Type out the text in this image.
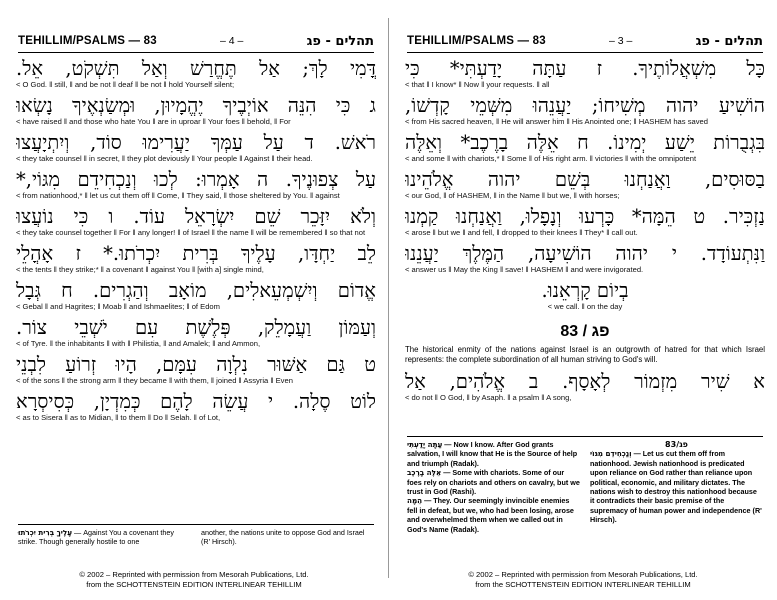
TEHILLIM/PSALMS — 83	– 4 –	תהלים - פג
דֳּמִי לָךְ; אַל תֶּחֱרַשׁ וְאַל תִּשְׁקֹט, אֵל.
< O God. ‖ still, ‖ and be not ‖ deaf ‖ be not ‖ hold Yourself silent;
ג כִּי הִנֵּה אוֹיְבֶיךָ יֶהֱמָיוּן, וּמְשַׂנְאֶיךָ נָשְׂאוּ
< have raised ‖ and those who hate You ‖ are in uproar ‖ Your foes ‖ behold, ‖ For
רֹאשׁ. ד עַל עַמְּךָ יַעֲרִימוּ סוֹד, וְיִתְיָעֲצוּ
< they take counsel ‖ in secret, ‖ they plot deviously ‖ Your people ‖ Against ‖ their head.
עַל צְפוּנֶיךָ. ה אָמְרוּ: לְכוּ וְנַכְחִידֵם מִגּוֹי,*
< from nationhood,* ‖ let us cut them off ‖ Come, ‖ They said, ‖ those sheltered by You. ‖ against
וְלֹא יִזָּכֵר שֵׁם יִשְׂרָאֵל עוֹד. ו כִּי נוֹעֲצוּ
< they take counsel together ‖ For ‖ any longer! ‖ of Israel ‖ the name ‖ will be remembered ‖ so that not
לֵב יַחְדָּו, עָלֶיךָ בְּרִית יִכְרֹתוּ.* ז אָהֳלֵי
< the tents ‖ they strike;* ‖ a covenant ‖ against You ‖ [with a] single mind,
אֱדוֹם וְיִשְׁמְעֵאלִים, מוֹאָב וְהַגְרִים. ח גְּבָל
< Gebal ‖ and Hagrites; ‖ Moab ‖ and Ishmaelites; ‖ of Edom
וְעַמּוֹן וַעֲמָלֵק, פְּלֶשֶׁת עִם יֹשְׁבֵי צוֹר.
< of Tyre. ‖ the inhabitants ‖ with ‖ Philistia, ‖ and Amalek; ‖ and Ammon,
ט גַּם אַשּׁוּר נִלְוָה עִמָּם, הָיוּ זְרוֹעַ לִבְנֵי
< of the sons ‖ the strong arm ‖ they became ‖ with them, ‖ joined ‖ Assyria ‖ Even
לוֹט סֶלָה. י עֲשֵׂה לָהֶם כְּמִדְיָן, כְּסִיסְרָא
< as to Sisera ‖ as to Midian, ‖ to them ‖ Do ‖ Selah. ‖ of Lot,
עָלֶיךָ בְּרִית יִכְרֹתוּ — Against You a covenant they strike. Though generally hostile to one
another, the nations unite to oppose God and Israel (R' Hirsch).
© 2002 – Reprinted with permission from Mesorah Publications, Ltd.
from the SCHOTTENSTEIN EDITION INTERLINEAR TEHILLIM
TEHILLIM/PSALMS — 83	– 3 –	תהלים - פג
כָּל מִשְׁאֲלוֹתֶיךָ. ז עַתָּה יָדַעְתִּי* כִּי
< that ‖ I know* ‖ Now ‖ your requests. ‖ all
הוֹשִׁיעַ יהוה מְשִׁיחוֹ; יַעֲנֵהוּ מִשְּׁמֵי קָדְשׁוֹ,
< from His sacred heaven, ‖ He will answer him ‖ His Anointed one; ‖ HASHEM has saved
בִּגְבֻרוֹת יֵשַׁע יְמִינוֹ. ח אֵלֶּה בָרֶכֶב* וְאֵלֶּה
< and some ‖ with chariots,* ‖ Some ‖ of His right arm. ‖ victories ‖ with the omnipotent
בַסּוּסִים, וַאֲנַחְנוּ בְּשֵׁם יהוה אֱלֹהֵינוּ
< our God, ‖ of HASHEM, ‖ in the Name ‖ but we, ‖ with horses;
נַזְכִּיר. ט הֵמָּה* כָּרְעוּ וְנָפָלוּ, וַאֲנַחְנוּ קַמְנוּ
< arose ‖ but we ‖ and fell, ‖ dropped to their knees ‖ They* ‖ call out.
וַנִּתְעוֹדָד. י יהוה הוֹשִׁיעָה, הַמֶּלֶךְ יַעֲנֵנוּ
< answer us ‖ May the King ‖ save! ‖ HASHEM ‖ and were invigorated.
בְיוֹם קָרְאֵנוּ.
< we call. ‖ on the day
פג / 83
The historical enmity of the nations against Israel is an outgrowth of hatred for that which Israel represents: the complete subordination of all human striving to God's will.
א שִׁיר מִזְמוֹר לְאָסָף. ב אֱלֹהִים, אַל
< do not ‖ O God, ‖ by Asaph. ‖ a psalm ‖ A song,
עַתָּה יָדַעְתִּי — Now I know. After God grants salvation, I will know that He is the Source of help and triumph (Radak).
אֵלֶּה בָרֶכֶב — Some with chariots. Some of our foes rely on chariots and others on cavalry, but we trust in God (Rashi).
הֵמָּה — They. Our seemingly invincible enemies fell in defeat, but we, who had been losing, arose and overwhelmed them when we called out in God's Name (Radak).
פג/83
וְנַכְחִידֵם מִגּוֹי — Let us cut them off from nationhood. Jewish nationhood is predicated upon reliance on God rather than reliance upon political, economic, and military dictates. The nations wish to destroy this nationhood because it contradicts their basic premise of the supremacy of human power and independence (R' Hirsch).
© 2002 – Reprinted with permission from Mesorah Publications, Ltd.
from the SCHOTTENSTEIN EDITION INTERLINEAR TEHILLIM
